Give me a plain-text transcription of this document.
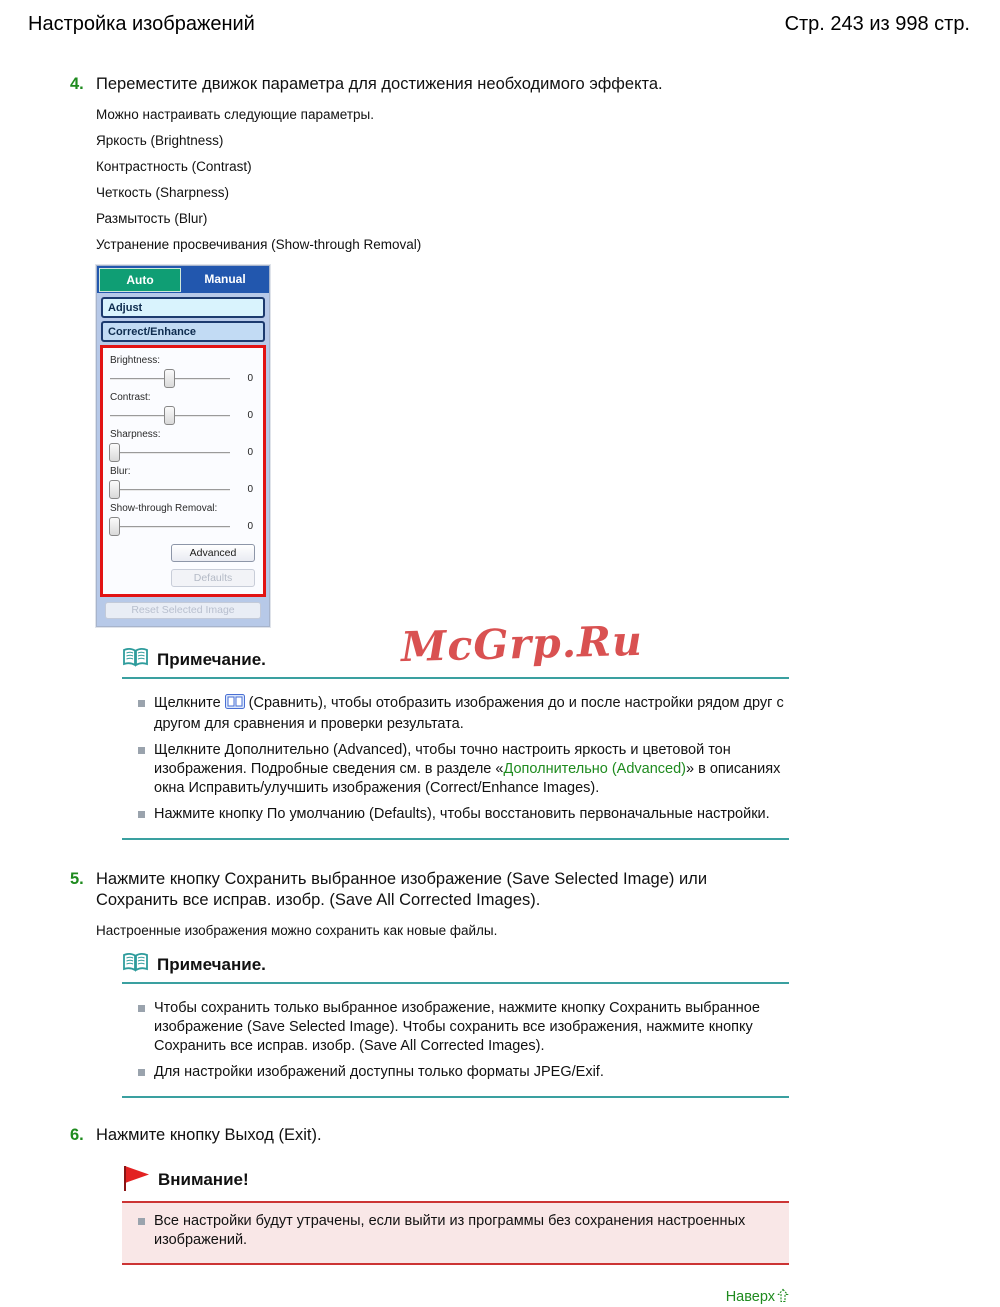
Настройка изображений	Стр. 243 из 998 стр.
4. Переместите движок параметра для достижения необходимого эффекта.

Можно настраивать следующие параметры.

Яркость (Brightness)

Контрастность (Contrast)

Четкость (Sharpness)

Размытость (Blur)

Устранение просвечивания (Show-through Removal)

Auto	Manual
Adjust
Correct/Enhance
Brightness:
0
Contrast:
0
Sharpness:
0
Blur:
0
Show-through Removal:
0
Advanced
Defaults
Reset Selected Image
Примечание.
Щелкните (Сравнить), чтобы отобразить изображения до и после настройки рядом друг с другом для сравнения и проверки результата.
Щелкните Дополнительно (Advanced), чтобы точно настроить яркость и цветовой тон изображения. Подробные сведения см. в разделе «Дополнительно (Advanced)» в описаниях окна Исправить/улучшить изображения (Correct/Enhance Images).
Нажмите кнопку По умолчанию (Defaults), чтобы восстановить первоначальные настройки.
5. Нажмите кнопку Сохранить выбранное изображение (Save Selected Image) или Сохранить все исправ. изобр. (Save All Corrected Images).

Настроенные изображения можно сохранить как новые файлы.

Примечание.
Чтобы сохранить только выбранное изображение, нажмите кнопку Сохранить выбранное изображение (Save Selected Image). Чтобы сохранить все изображения, нажмите кнопку Сохранить все исправ. изобр. (Save All Corrected Images).
Для настройки изображений доступны только форматы JPEG/Exif.
6. Нажмите кнопку Выход (Exit).
Внимание!
Все настройки будут утрачены, если выйти из программы без сохранения настроенных изображений.
Наверх
McGrp.Ru
